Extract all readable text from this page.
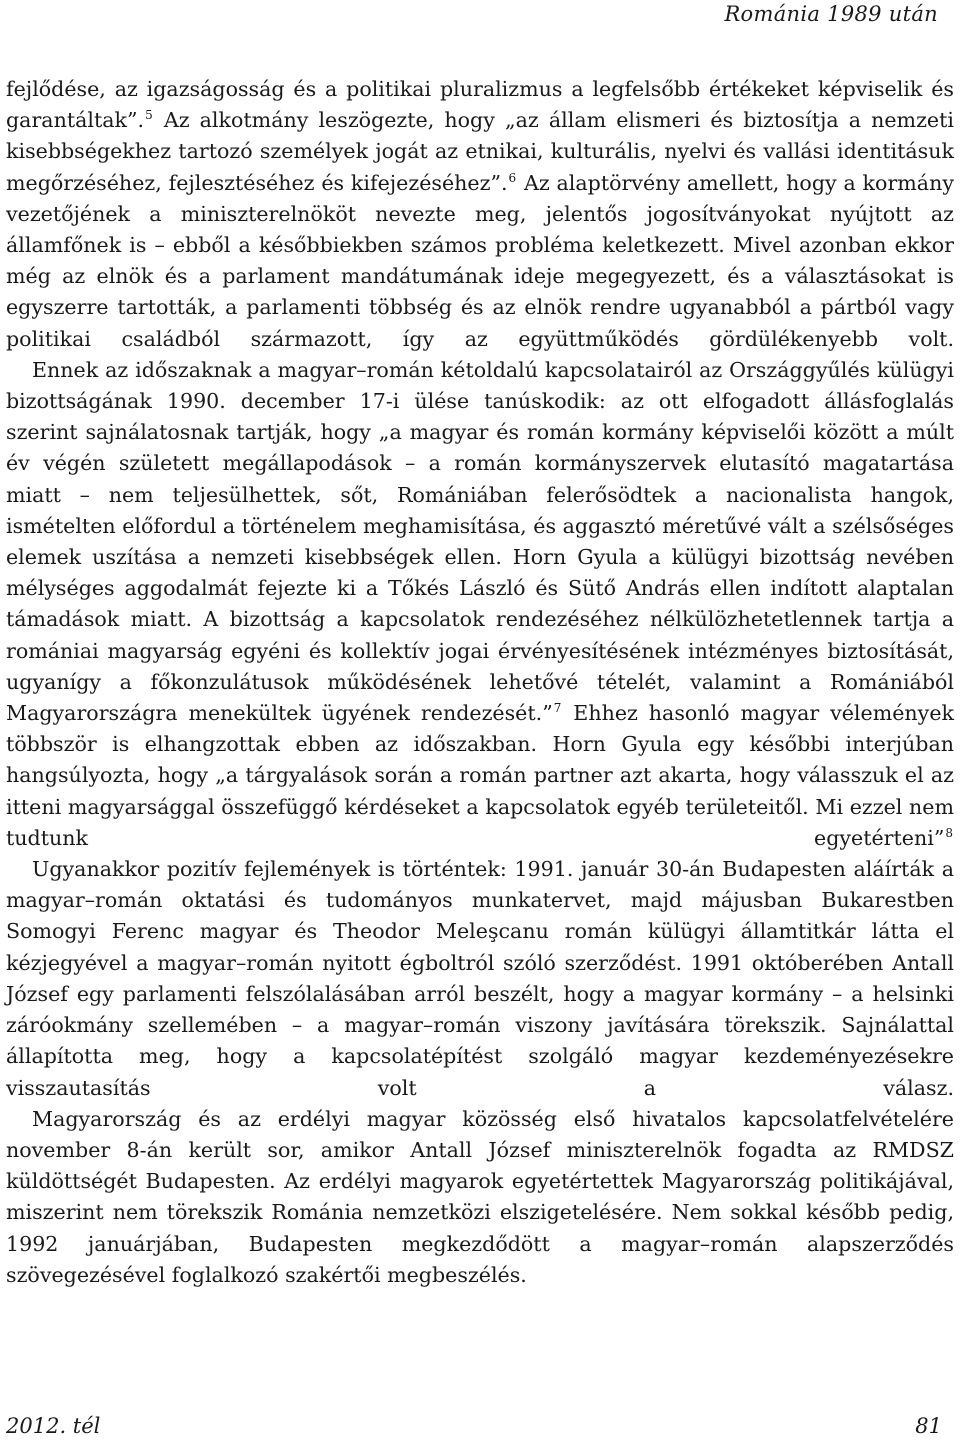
Románia 1989 után

fejlődése, az igazságosság és a politikai pluralizmus a legfelsőbb értékeket képviselik és garantáltak”.$^5$ Az alkotmány leszögezte, hogy „az állam elismeri és biztosítja a nemzeti kisebbségekhez tartozó személyek jogát az etnikai, kulturális, nyelvi és vallási identitásuk megőrzéséhez, fejlesztéséhez és kifejezéséhez”.$^6$ Az alaptörvény amellett, hogy a kormány vezetőjének a miniszterelnököt nevezte meg, jelentős jogosítványokat nyújtott az államfőnek is – ebből a későbbiekben számos probléma keletkezett. Mivel azonban ekkor még az elnök és a parlament mandátumának ideje megegyezett, és a választásokat is egyszerre tartották, a parlamenti többség és az elnök rendre ugyanabból a pártból vagy politikai családból származott, így az együttműködés gördülékenyebb volt.

Ennek az időszaknak a magyar–román kétoldalú kapcsolatairól az Országgyűlés külügyi bizottságának 1990. december 17-i ülése tanúskodik: az ott elfogadott állásfoglalás szerint sajnálatosnak tartják, hogy „a magyar és román kormány képviselői között a múlt év végén született megállapodások – a román kormányszervek elutasító magatartása miatt – nem teljesülhettek, sőt, Romániában felerősödtek a nacionalista hangok, ismételten előfordul a történelem meghamisítása, és aggasztó méretűvé vált a szélsőséges elemek uszítása a nemzeti kisebbségek ellen. Horn Gyula a külügyi bizottság nevében mélységes aggodalmát fejezte ki a Tőkés László és Sütő András ellen indított alaptalan támadások miatt. A bizottság a kapcsolatok rendezéséhez nélkülözhetetlennek tartja a romániai magyarság egyéni és kollektív jogai érvényesítésének intézményes biztosítását, ugyanígy a főkonzulátusok működésének lehetővé tételét, valamint a Romániából Magyarországra menekültek ügyének rendezését.”$^7$ Ehhez hasonló magyar vélemények többször is elhangzottak ebben az időszakban. Horn Gyula egy későbbi interjúban hangsúlyozta, hogy „a tárgyalások során a román partner azt akarta, hogy válasszuk el az itteni magyarsággal összefüggő kérdéseket a kapcsolatok egyéb területeitől. Mi ezzel nem tudtunk egyetérteni”$^8$

Ugyanakkor pozitív fejlemények is történtek: 1991. január 30-án Budapesten aláírták a magyar–román oktatási és tudományos munkatervet, majd májusban Bukarestben Somogyi Ferenc magyar és Theodor Meleşcanu román külügyi államtitkár látta el kézjegyével a magyar–román nyitott égboltról szóló szerződést. 1991 októberében Antall József egy parlamenti felszólalásában arról beszélt, hogy a magyar kormány – a helsinki záróokmány szellemében – a magyar–román viszony javítására törekszik. Sajnálattal állapította meg, hogy a kapcsolatépítést szolgáló magyar kezdeményezésekre visszautasítás volt a válasz.

Magyarország és az erdélyi magyar közösség első hivatalos kapcsolatfelvételére november 8-án került sor, amikor Antall József miniszterelnök fogadta az RMDSZ küldöttségét Budapesten. Az erdélyi magyarok egyetértettek Magyarország politikájával, miszerint nem törekszik Románia nemzetközi elszigetelésére. Nem sokkal később pedig, 1992 januárjában, Budapesten megkezdődött a magyar–román alapszerződés szövegezésével foglalkozó szakértői megbeszélés.

2012. tél	81
